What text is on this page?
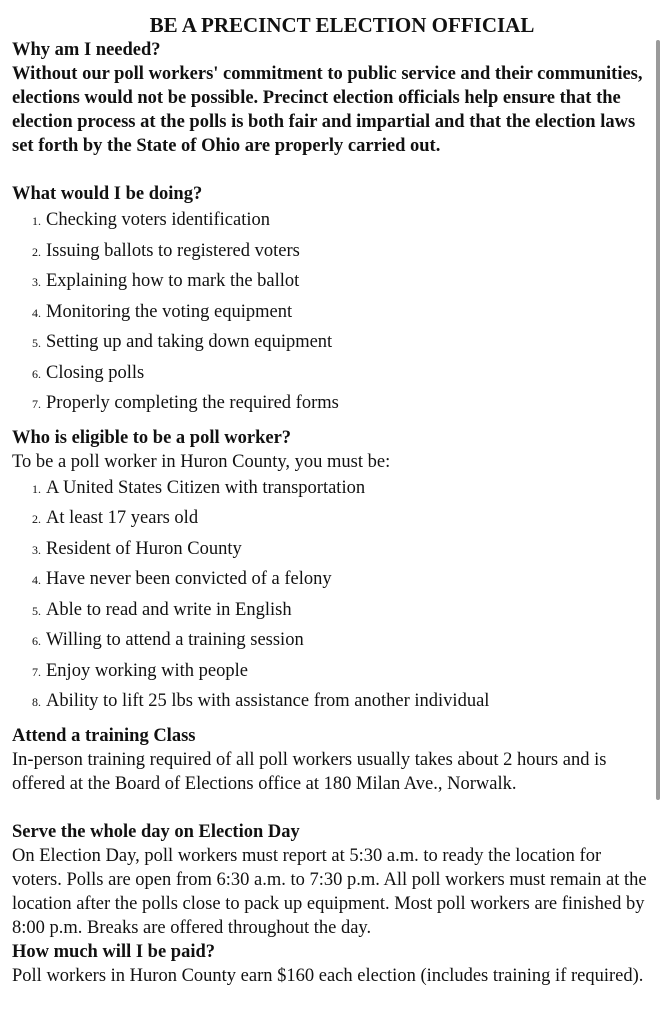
BE A PRECINCT ELECTION OFFICIAL
Why am I needed?

Without our poll workers' commitment to public service and their communities, elections would not be possible. Precinct election officials help ensure that the election process at the polls is both fair and impartial and that the election laws set forth by the State of Ohio are properly carried out.

What would I be doing?
1. Checking voters identification
2. Issuing ballots to registered voters
3. Explaining how to mark the ballot
4. Monitoring the voting equipment
5. Setting up and taking down equipment
6. Closing polls
7. Properly completing the required forms
Who is eligible to be a poll worker?

To be a poll worker in Huron County, you must be:

1. A United States Citizen with transportation
2. At least 17 years old
3. Resident of Huron County
4. Have never been convicted of a felony
5. Able to read and write in English
6. Willing to attend a training session
7. Enjoy working with people
8. Ability to lift 25 lbs with assistance from another individual
Attend a training Class

In-person training required of all poll workers usually takes about 2 hours and is offered at the Board of Elections office at 180 Milan Ave., Norwalk.

Serve the whole day on Election Day

On Election Day, poll workers must report at 5:30 a.m. to ready the location for voters. Polls are open from 6:30 a.m. to 7:30 p.m. All poll workers must remain at the location after the polls close to pack up equipment. Most poll workers are finished by 8:00 p.m. Breaks are offered throughout the day.

How much will I be paid?

Poll workers in Huron County earn $160 each election (includes training if required).
